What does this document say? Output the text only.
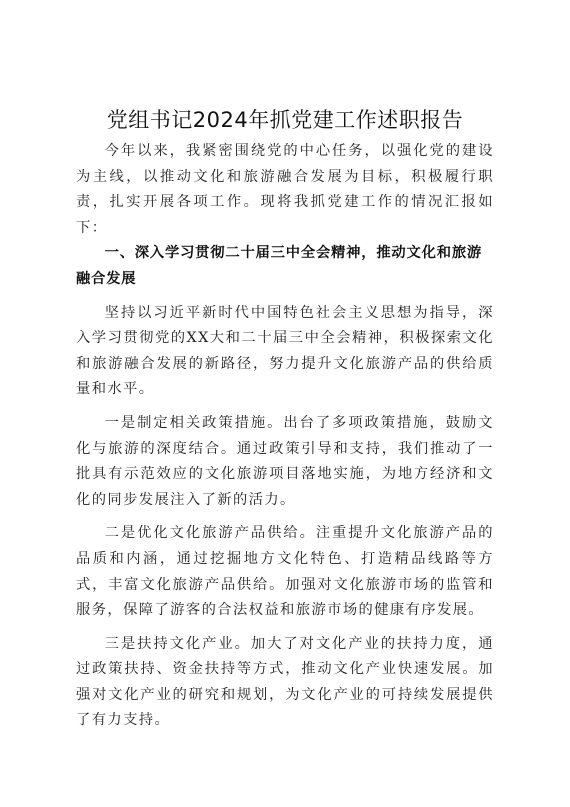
党组书记2024年抓党建工作述职报告

今年以来，我紧密围绕党的中心任务，以强化党的建设为主线，以推动文化和旅游融合发展为目标，积极履行职责，扎实开展各项工作。现将我抓党建工作的情况汇报如下：

一、深入学习贯彻二十届三中全会精神，推动文化和旅游融合发展

坚持以习近平新时代中国特色社会主义思想为指导，深入学习贯彻党的XX大和二十届三中全会精神，积极探索文化和旅游融合发展的新路径，努力提升文化旅游产品的供给质量和水平。

一是制定相关政策措施。出台了多项政策措施，鼓励文化与旅游的深度结合。通过政策引导和支持，我们推动了一批具有示范效应的文化旅游项目落地实施，为地方经济和文化的同步发展注入了新的活力。

二是优化文化旅游产品供给。注重提升文化旅游产品的品质和内涵，通过挖掘地方文化特色、打造精品线路等方式，丰富文化旅游产品供给。加强对文化旅游市场的监管和服务，保障了游客的合法权益和旅游市场的健康有序发展。

三是扶持文化产业。加大了对文化产业的扶持力度，通过政策扶持、资金扶持等方式，推动文化产业快速发展。加强对文化产业的研究和规划，为文化产业的可持续发展提供了有力支持。
